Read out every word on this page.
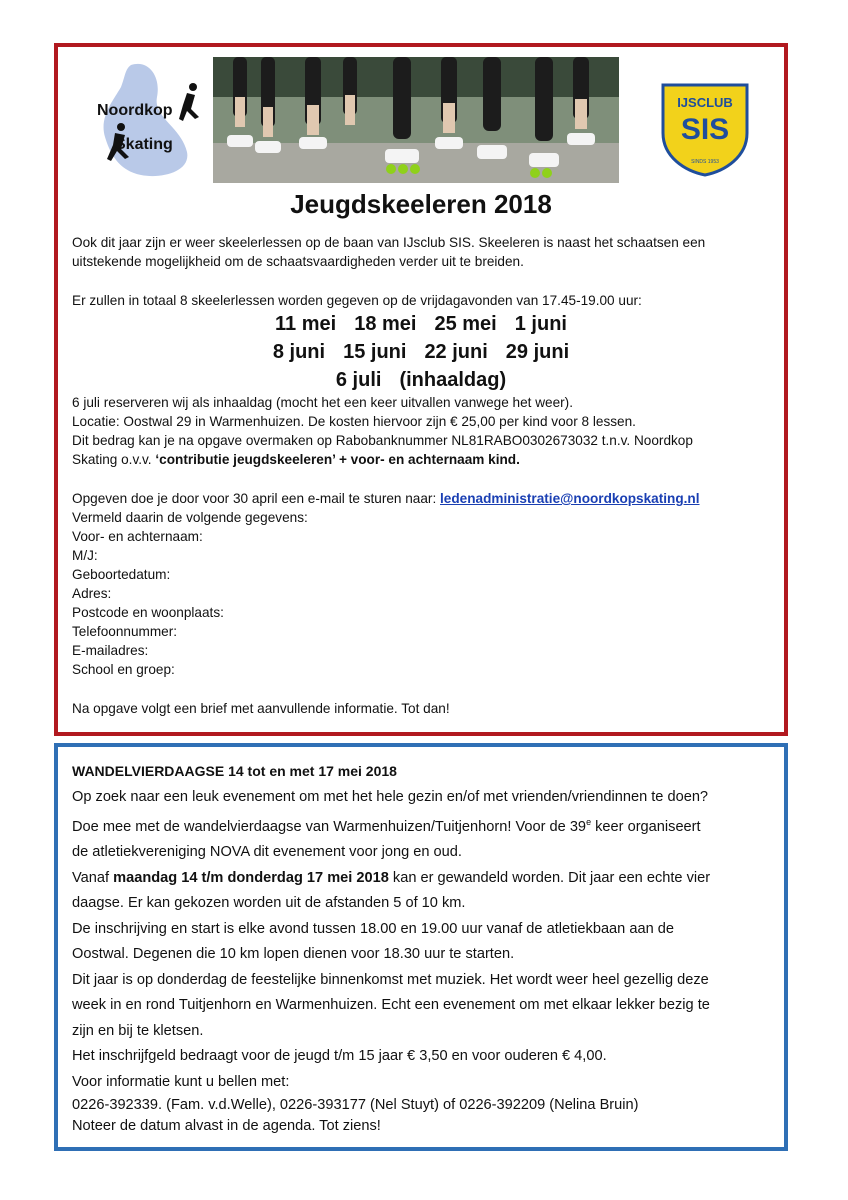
Noordkop
Skating
IJSCLUB
SIS
SINDS 1953
Jeugdskeeleren 2018
Ook dit jaar zijn er weer skeelerlessen op de baan van IJsclub SIS. Skeeleren is naast het schaatsen een
uitstekende mogelijkheid om de schaatsvaardigheden verder uit te breiden.
Er zullen in totaal 8 skeelerlessen worden gegeven op de vrijdagavonden van 17.45-19.00 uur:
11 mei 18 mei 25 mei 1 juni
8 juni 15 juni 22 juni 29 juni
6 juli (inhaaldag)
6 juli reserveren wij als inhaaldag (mocht het een keer uitvallen vanwege het weer).
Locatie: Oostwal 29 in Warmenhuizen. De kosten hiervoor zijn € 25,00 per kind voor 8 lessen.
Dit bedrag kan je na opgave overmaken op Rabobanknummer NL81RABO0302673032 t.n.v. Noordkop
Skating o.v.v. ‘contributie jeugdskeeleren’ + voor- en achternaam kind.
Opgeven doe je door voor 30 april een e-mail te sturen naar: ledenadministratie@noordkopskating.nl
Vermeld daarin de volgende gegevens:
Voor- en achternaam:
M/J:
Geboortedatum:
Adres:
Postcode en woonplaats:
Telefoonnummer:
E-mailadres:
School en groep:
Na opgave volgt een brief met aanvullende informatie. Tot dan!
WANDELVIERDAAGSE 14 tot en met 17 mei 2018
Op zoek naar een leuk evenement om met het hele gezin en/of met vrienden/vriendinnen te doen?
Doe mee met de wandelvierdaagse van Warmenhuizen/Tuitjenhorn! Voor de 39e keer organiseert
de atletiekvereniging NOVA dit evenement voor jong en oud.
Vanaf maandag 14 t/m donderdag 17 mei 2018 kan er gewandeld worden. Dit jaar een echte vier
daagse. Er kan gekozen worden uit de afstanden 5 of 10 km.
De inschrijving en start is elke avond tussen 18.00 en 19.00 uur vanaf de atletiekbaan aan de
Oostwal. Degenen die 10 km lopen dienen voor 18.30 uur te starten.
Dit jaar is op donderdag de feestelijke binnenkomst met muziek. Het wordt weer heel gezellig deze
week in en rond Tuitjenhorn en Warmenhuizen. Echt een evenement om met elkaar lekker bezig te
zijn en bij te kletsen.
Het inschrijfgeld bedraagt voor de jeugd t/m 15 jaar € 3,50 en voor ouderen € 4,00.
Voor informatie kunt u bellen met:
0226-392339. (Fam. v.d.Welle), 0226-393177 (Nel Stuyt) of 0226-392209 (Nelina Bruin)
Noteer de datum alvast in de agenda. Tot ziens!
